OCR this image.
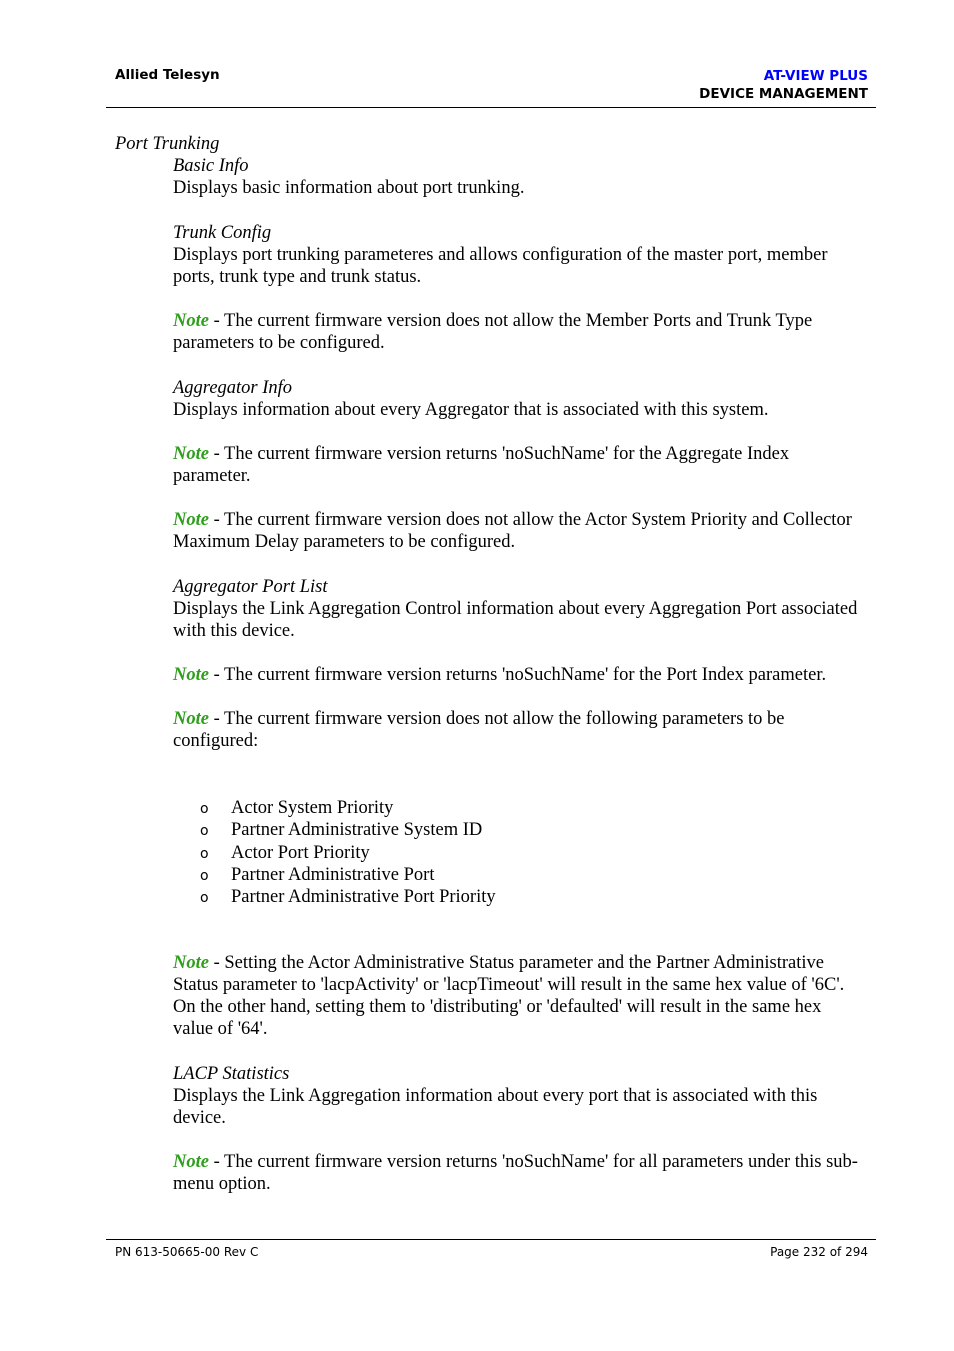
Allied Telesyn	AT-VIEW PLUS
DEVICE MANAGEMENT
Port Trunking
Basic Info

Displays basic information about port trunking.

Trunk Config

Displays port trunking parameteres and allows configuration of the master port, member ports, trunk type and trunk status.

Note - The current firmware version does not allow the Member Ports and Trunk Type parameters to be configured.

Aggregator Info

Displays information about every Aggregator that is associated with this system.

Note - The current firmware version returns 'noSuchName' for the Aggregate Index parameter.

Note - The current firmware version does not allow the Actor System Priority and Collector Maximum Delay parameters to be configured.

Aggregator Port List

Displays the Link Aggregation Control information about every Aggregation Port associated with this device.

Note - The current firmware version returns 'noSuchName' for the Port Index parameter.

Note - The current firmware version does not allow the following parameters to be configured:

o Actor System Priority
o Partner Administrative System ID
o Actor Port Priority
o Partner Administrative Port
o Partner Administrative Port Priority

Note - Setting the Actor Administrative Status parameter and the Partner Administrative Status parameter to 'lacpActivity' or 'lacpTimeout' will result in the same hex value of '6C'. On the other hand, setting them to 'distributing' or 'defaulted' will result in the same hex value of '64'.

LACP Statistics

Displays the Link Aggregation information about every port that is associated with this device.

Note - The current firmware version returns 'noSuchName' for all parameters under this sub-menu option.

PN 613-50665-00 Rev C	Page 232 of 294
